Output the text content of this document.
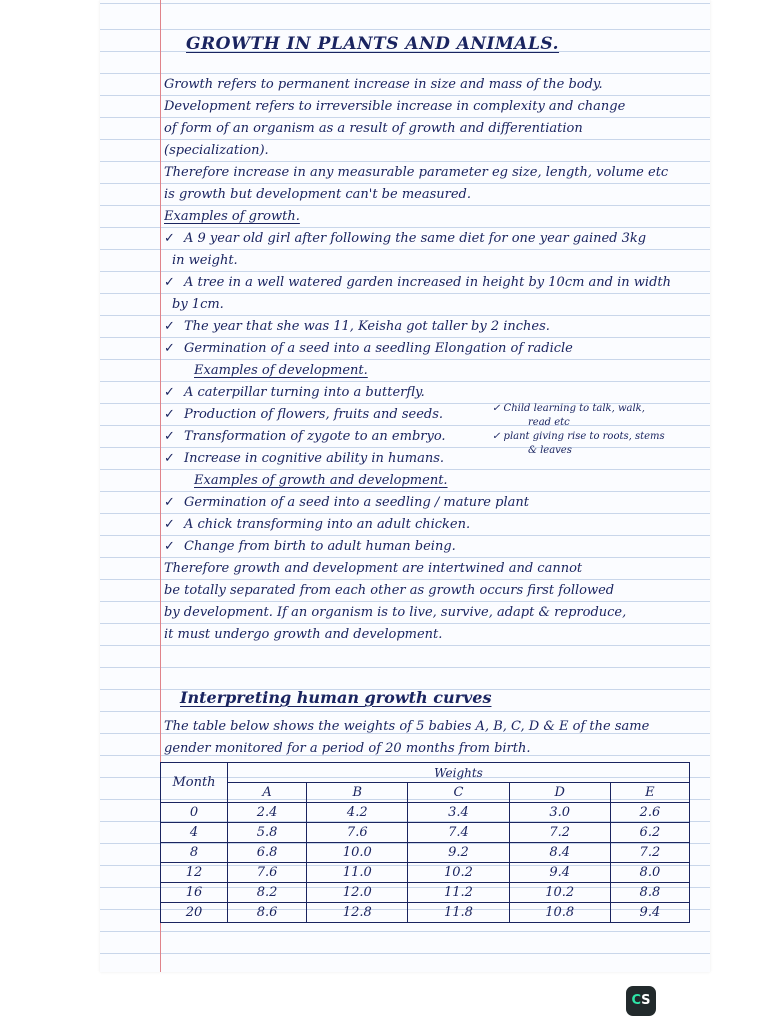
GROWTH IN PLANTS AND ANIMALS.
Growth refers to permanent increase in size and mass of the body.
Development refers to irreversible increase in complexity and change
of form of an organism as a result of growth and differentiation
(specialization).
Therefore increase in any measurable parameter eg size, length, volume etc
is growth but development can't be measured.
Examples of growth.
✓ A 9 year old girl after following the same diet for one year gained 3kg
in weight.
✓ A tree in a well watered garden increased in height by 10cm and in width
by 1cm.
✓ The year that she was 11, Keisha got taller by 2 inches.
✓ Germination of a seed into a seedling Elongation of radicle
Examples of development.
✓ A caterpillar turning into a butterfly.
✓ Production of flowers, fruits and seeds.
✓ Transformation of zygote to an embryo.
✓ Increase in cognitive ability in humans.
Examples of growth and development.
✓ Germination of a seed into a seedling / mature plant
✓ A chick transforming into an adult chicken.
✓ Change from birth to adult human being.
Therefore growth and development are intertwined and cannot
be totally separated from each other as growth occurs first followed
by development. If an organism is to live, survive, adapt & reproduce,
it must undergo growth and development.
✓ Child learning to talk, walk,
read etc
✓ plant giving rise to roots, stems
& leaves
Interpreting human growth curves
The table below shows the weights of 5 babies A, B, C, D & E of the same
gender monitored for a period of 20 months from birth.
Month	Weights				
	A	B	C	D	E
0	2.4	4.2	3.4	3.0	2.6
4	5.8	7.6	7.4	7.2	6.2
8	6.8	10.0	9.2	8.4	7.2
12	7.6	11.0	10.2	9.4	8.0
16	8.2	12.0	11.2	10.2	8.8
20	8.6	12.8	11.8	10.8	9.4
CS
